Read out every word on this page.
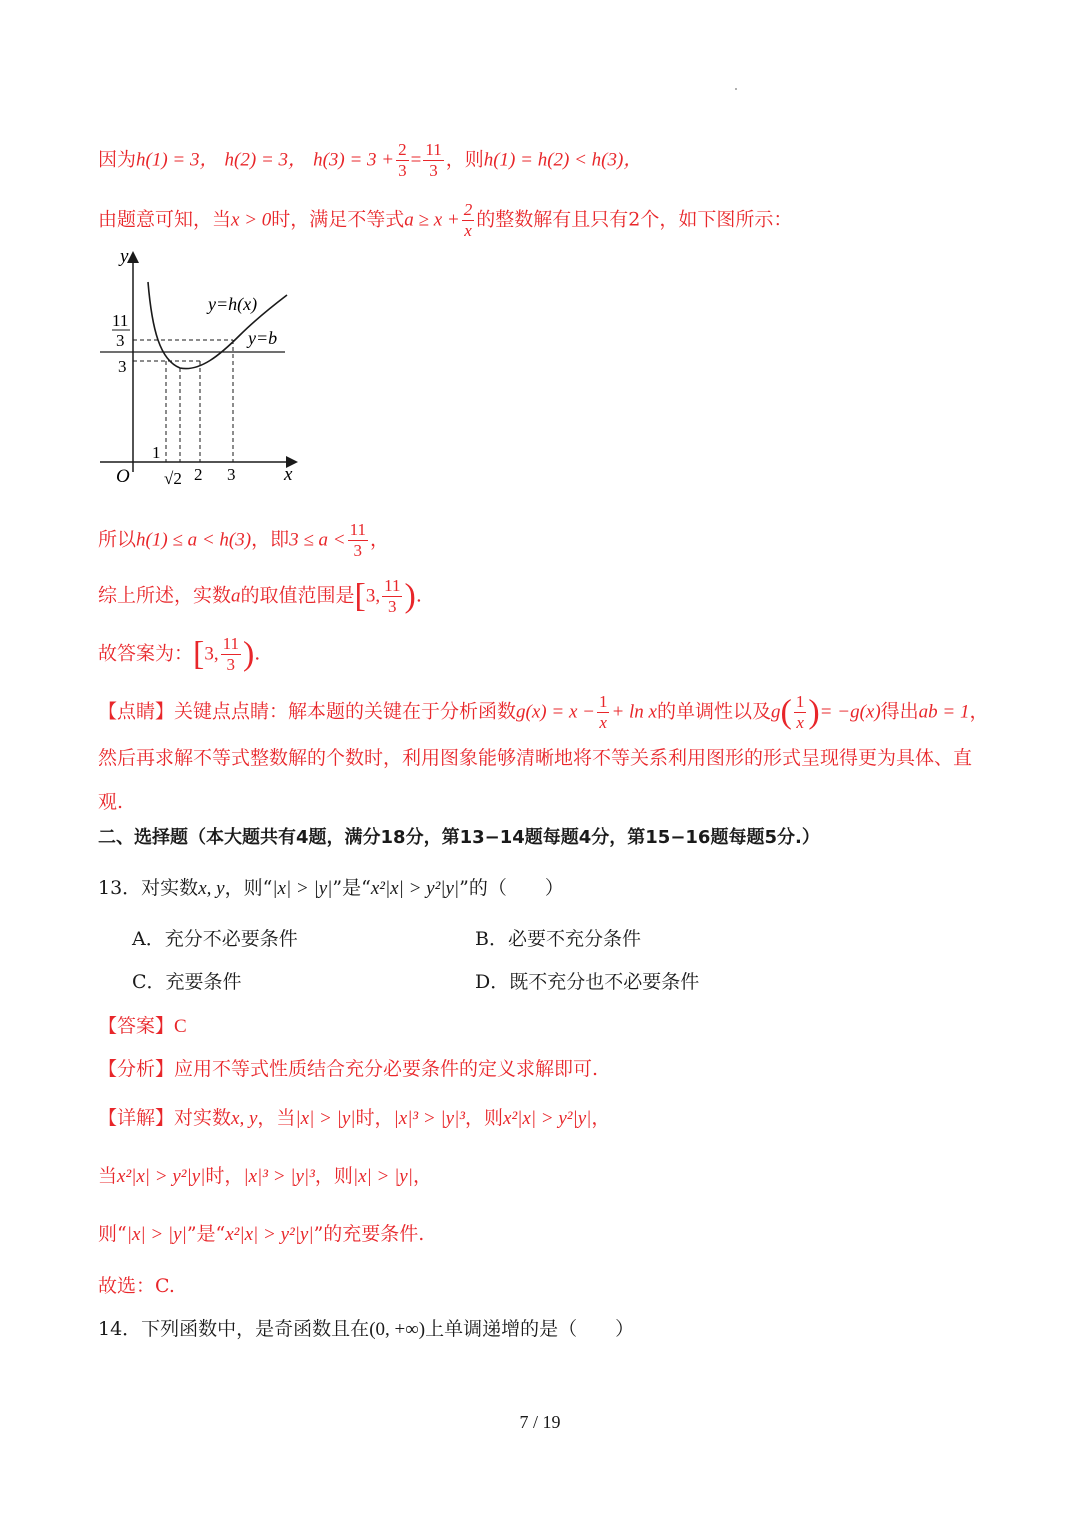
因为h(1) = 3， h(2) = 3， $h(3) = 3 + \frac{2}{3} = \frac{11}{3}$ ，则h(1) = h(2) < h(3)，
由题意可知，当x > 0时，满足不等式$a \ge x + \frac{2}{x}$ 的整数解有且只有2个，如下图所示：
y
x
O
y=h(x)
y=b
11
3
3
1
√2 2 3
所以h(1) ≤ a < h(3)，即$3 \le a < \frac{11}{3}$ ，
综上所述，实数a的取值范围是[3, $\frac{11}{3}$ ).
故答案为：[3, $\frac{11}{3}$ ).
【点睛】关键点点睛：解本题的关键在于分析函数$g(x) = x - \frac{1}{x} + \ln x$的单调性以及$g( \frac{1}{x}$ )= −g(x)得出ab = 1，
然后再求解不等式整数解的个数时，利用图象能够清晰地将不等关系利用图形的形式呈现得更为具体、直
观.
二、选择题（本大题共有4题，满分18分，第13−14题每题4分，第15−16题每题5分.）
13．对实数x, y，则“|x| > |y|”是“x²|x| > y²|y|”的（　　）
A．充分不必要条件	B．必要不充分条件
C．充要条件	D．既不充分也不必要条件
【答案】C
【分析】应用不等式性质结合充分必要条件的定义求解即可.
【详解】对实数x, y，当|x| > |y|时，|x|³ > |y|³，则x²|x| > y²|y|，
当x²|x| > y²|y|时，|x|³ > |y|³，则|x| > |y|，
则“|x| > |y|”是“x²|x| > y²|y|”的充要条件.
故选：C.
14．下列函数中，是奇函数且在(0, +∞)上单调递增的是（　　）
7 / 19
